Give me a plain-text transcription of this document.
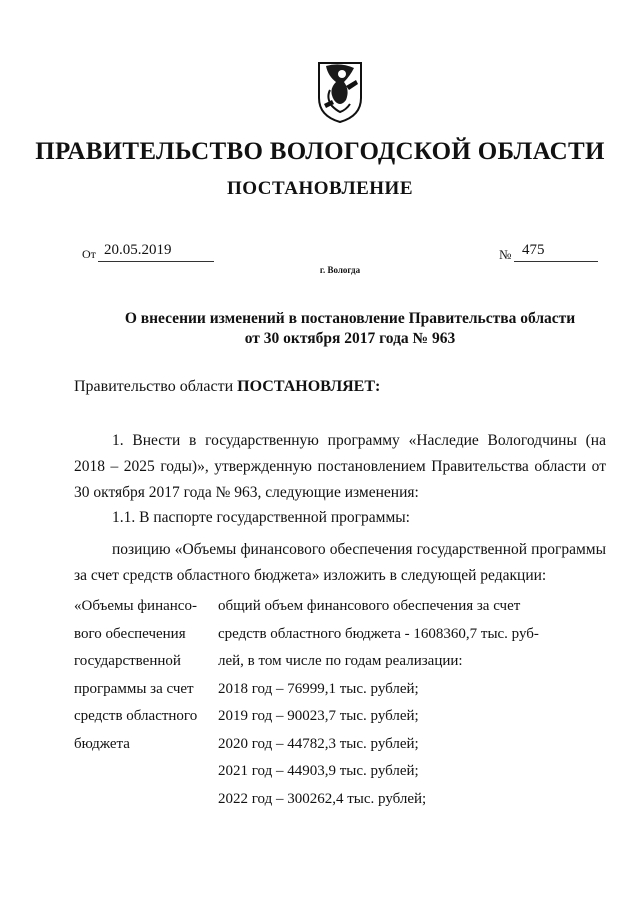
ПРАВИТЕЛЬСТВО ВОЛОГОДСКОЙ ОБЛАСТИ
ПОСТАНОВЛЕНИЕ
От 20.05.2019	№ 475
г. Вологда
О внесении изменений в постановление Правительства области
от 30 октября 2017 года № 963
Правительство области ПОСТАНОВЛЯЕТ:
1. Внести в государственную программу «Наследие Вологодчины (на 2018 – 2025 годы)», утвержденную постановлением Правительства области от 30 октября 2017 года № 963, следующие изменения:
1.1. В паспорте государственной программы:
позицию «Объемы финансового обеспечения государственной программы за счет средств областного бюджета» изложить в следующей редакции:
«Объемы финансо-
вого обеспечения
государственной
программы за счет
средств областного
бюджета
общий объем финансового обеспечения за счет
средств областного бюджета - 1608360,7 тыс. руб-
лей, в том числе по годам реализации:
2018 год – 76999,1 тыс. рублей;
2019 год – 90023,7 тыс. рублей;
2020 год – 44782,3 тыс. рублей;
2021 год – 44903,9 тыс. рублей;
2022 год – 300262,4 тыс. рублей;
